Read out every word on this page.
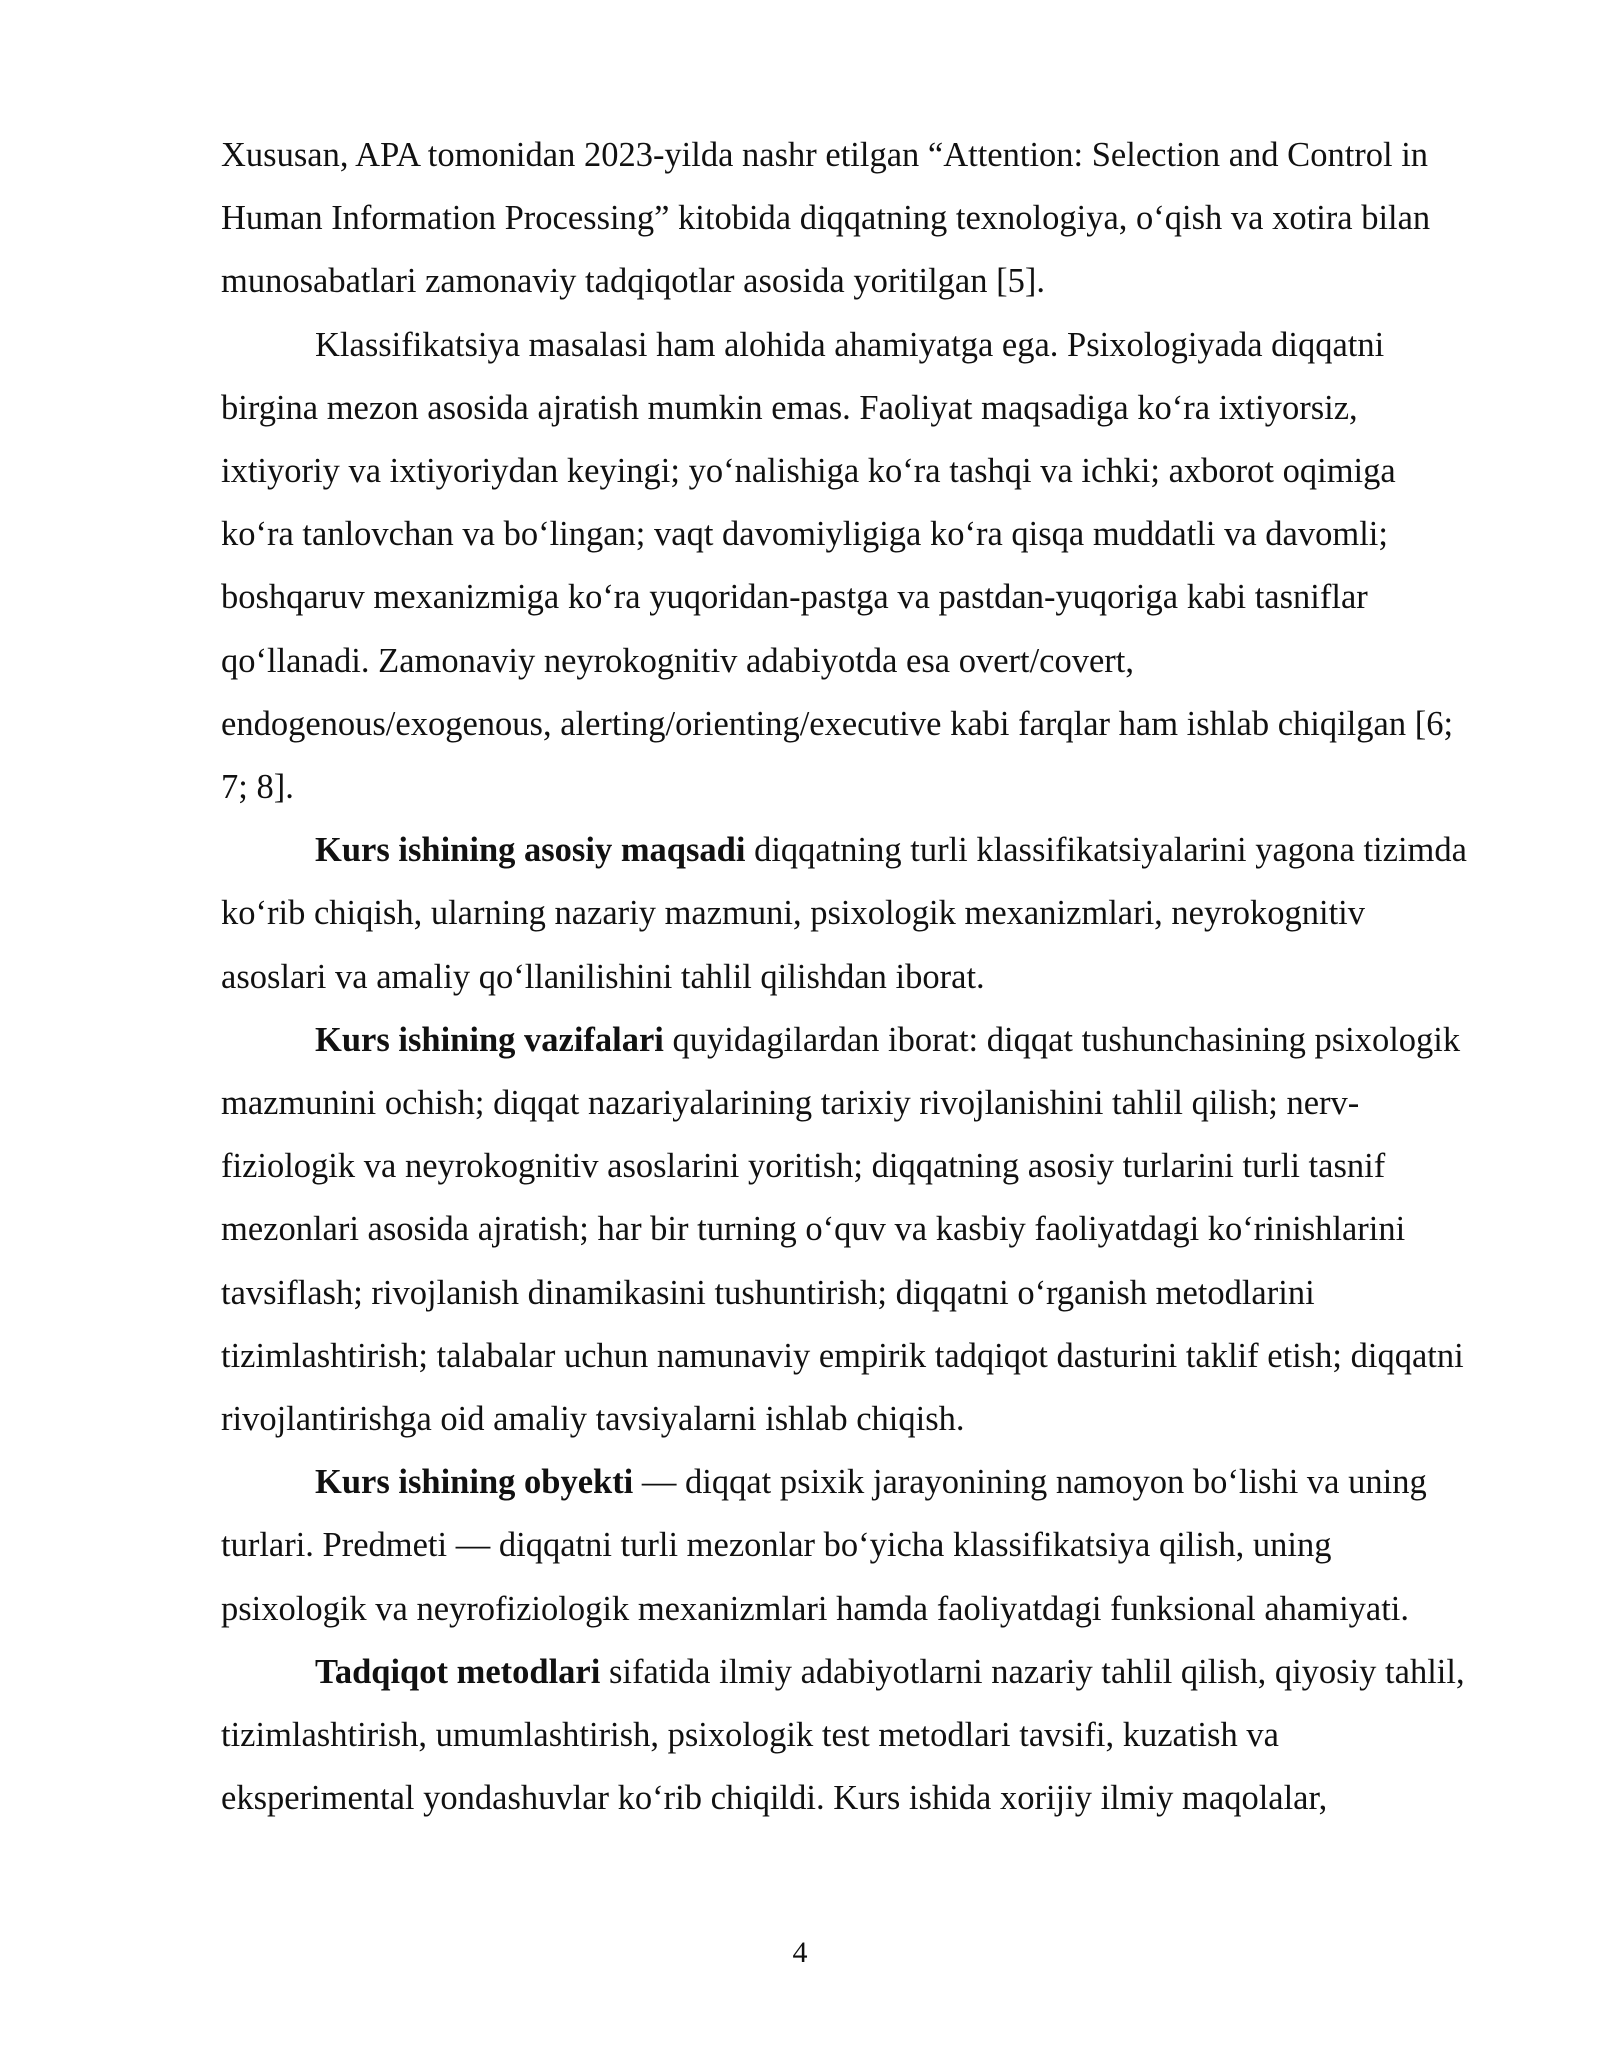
Xususan, APA tomonidan 2023-yilda nashr etilgan “Attention: Selection and Control in Human Information Processing” kitobida diqqatning texnologiya, o‘qish va xotira bilan munosabatlari zamonaviy tadqiqotlar asosida yoritilgan [5].

Klassifikatsiya masalasi ham alohida ahamiyatga ega. Psixologiyada diqqatni birgina mezon asosida ajratish mumkin emas. Faoliyat maqsadiga ko‘ra ixtiyorsiz, ixtiyoriy va ixtiyoriydan keyingi; yo‘nalishiga ko‘ra tashqi va ichki; axborot oqimiga ko‘ra tanlovchan va bo‘lingan; vaqt davomiyligiga ko‘ra qisqa muddatli va davomli; boshqaruv mexanizmiga ko‘ra yuqoridan-pastga va pastdan-yuqoriga kabi tasniflar qo‘llanadi. Zamonaviy neyrokognitiv adabiyotda esa overt/covert, endogenous/exogenous, alerting/orienting/executive kabi farqlar ham ishlab chiqilgan [6; 7; 8].

Kurs ishining asosiy maqsadi diqqatning turli klassifikatsiyalarini yagona tizimda ko‘rib chiqish, ularning nazariy mazmuni, psixologik mexanizmlari, neyrokognitiv asoslari va amaliy qo‘llanilishini tahlil qilishdan iborat.

Kurs ishining vazifalari quyidagilardan iborat: diqqat tushunchasining psixologik mazmunini ochish; diqqat nazariyalarining tarixiy rivojlanishini tahlil qilish; nerv-fiziologik va neyrokognitiv asoslarini yoritish; diqqatning asosiy turlarini turli tasnif mezonlari asosida ajratish; har bir turning o‘quv va kasbiy faoliyatdagi ko‘rinishlarini tavsiflash; rivojlanish dinamikasini tushuntirish; diqqatni o‘rganish metodlarini tizimlashtirish; talabalar uchun namunaviy empirik tadqiqot dasturini taklif etish; diqqatni rivojlantirishga oid amaliy tavsiyalarni ishlab chiqish.

Kurs ishining obyekti — diqqat psixik jarayonining namoyon bo‘lishi va uning turlari. Predmeti — diqqatni turli mezonlar bo‘yicha klassifikatsiya qilish, uning psixologik va neyrofiziologik mexanizmlari hamda faoliyatdagi funksional ahamiyati.

Tadqiqot metodlari sifatida ilmiy adabiyotlarni nazariy tahlil qilish, qiyosiy tahlil, tizimlashtirish, umumlashtirish, psixologik test metodlari tavsifi, kuzatish va eksperimental yondashuvlar ko‘rib chiqildi. Kurs ishida xorijiy ilmiy maqolalar,

4
